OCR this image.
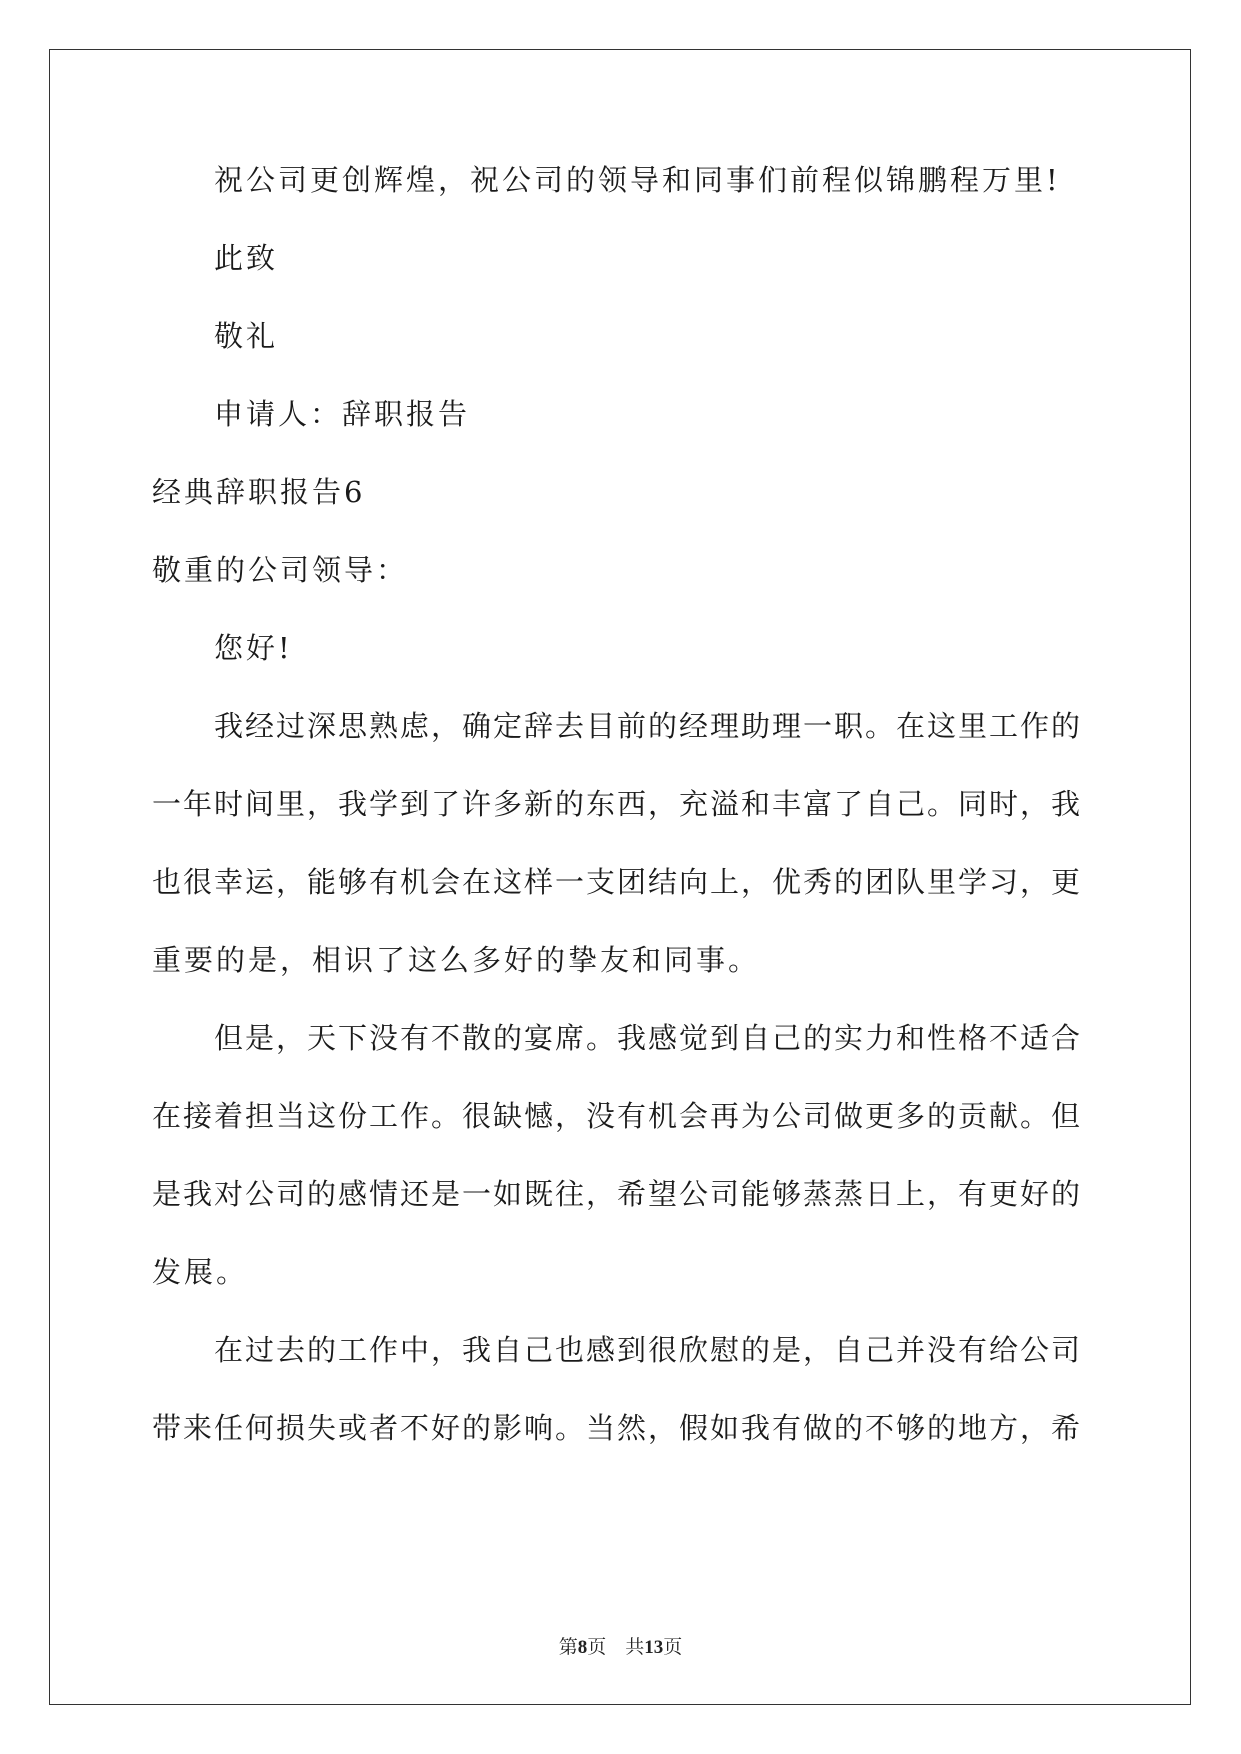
祝公司更创辉煌，祝公司的领导和同事们前程似锦鹏程万里!
此致
敬礼
申请人：辞职报告
经典辞职报告6
敬重的公司领导：
您好!
我经过深思熟虑，确定辞去目前的经理助理一职。在这里工作的
一年时间里，我学到了许多新的东西，充溢和丰富了自己。同时，我
也很幸运，能够有机会在这样一支团结向上，优秀的团队里学习，更
重要的是，相识了这么多好的挚友和同事。
但是，天下没有不散的宴席。我感觉到自己的实力和性格不适合
在接着担当这份工作。很缺憾，没有机会再为公司做更多的贡献。但
是我对公司的感情还是一如既往，希望公司能够蒸蒸日上，有更好的
发展。
在过去的工作中，我自己也感到很欣慰的是，自己并没有给公司
带来任何损失或者不好的影响。当然，假如我有做的不够的地方，希
第8页 共13页
